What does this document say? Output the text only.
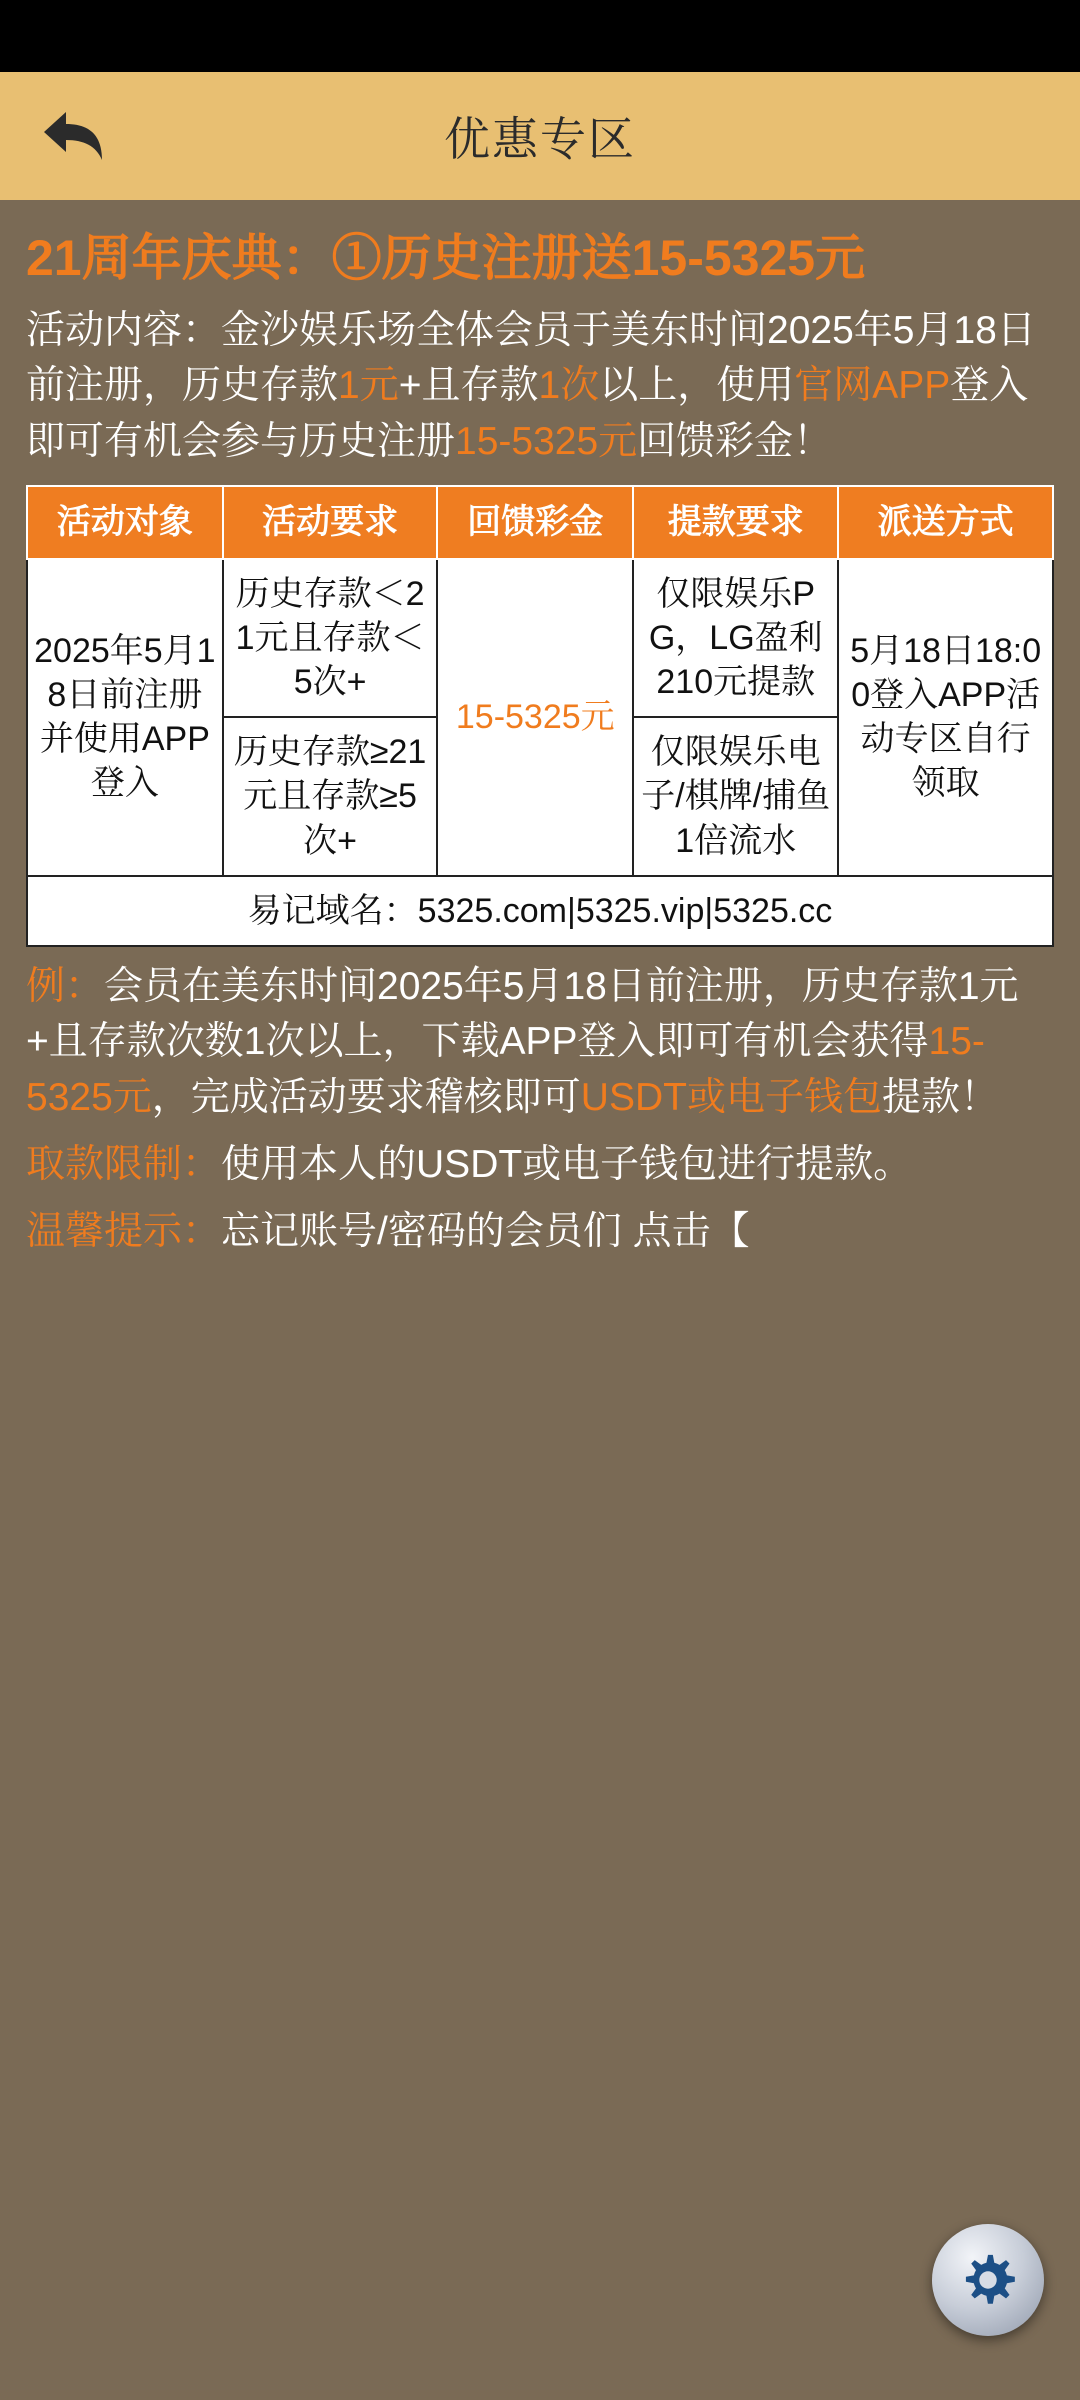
优惠专区
21周年庆典：①历史注册送15-5325元

活动内容：金沙娱乐场全体会员于美东时间2025年5月18日前注册，历史存款1元+且存款1次以上，使用官网APP登入即可有机会参与历史注册15-5325元回馈彩金！

活动对象	活动要求	回馈彩金	提款要求	派送方式
2025年5月18日前注册并使用APP登入	历史存款＜21元且存款＜5次+	15-5325元	仅限娱乐PG，LG盈利210元提款	5月18日18:00登入APP活动专区自行领取
	历史存款≥21元且存款≥5次+		仅限娱乐电子/棋牌/捕鱼1倍流水	
易记域名：5325.com|5325.vip|5325.cc				

例：会员在美东时间2025年5月18日前注册，历史存款1元+且存款次数1次以上，下载APP登入即可有机会获得15-5325元，完成活动要求稽核即可USDT或电子钱包提款！

取款限制：使用本人的USDT或电子钱包进行提款。

温馨提示：忘记账号/密码的会员们 点击【
